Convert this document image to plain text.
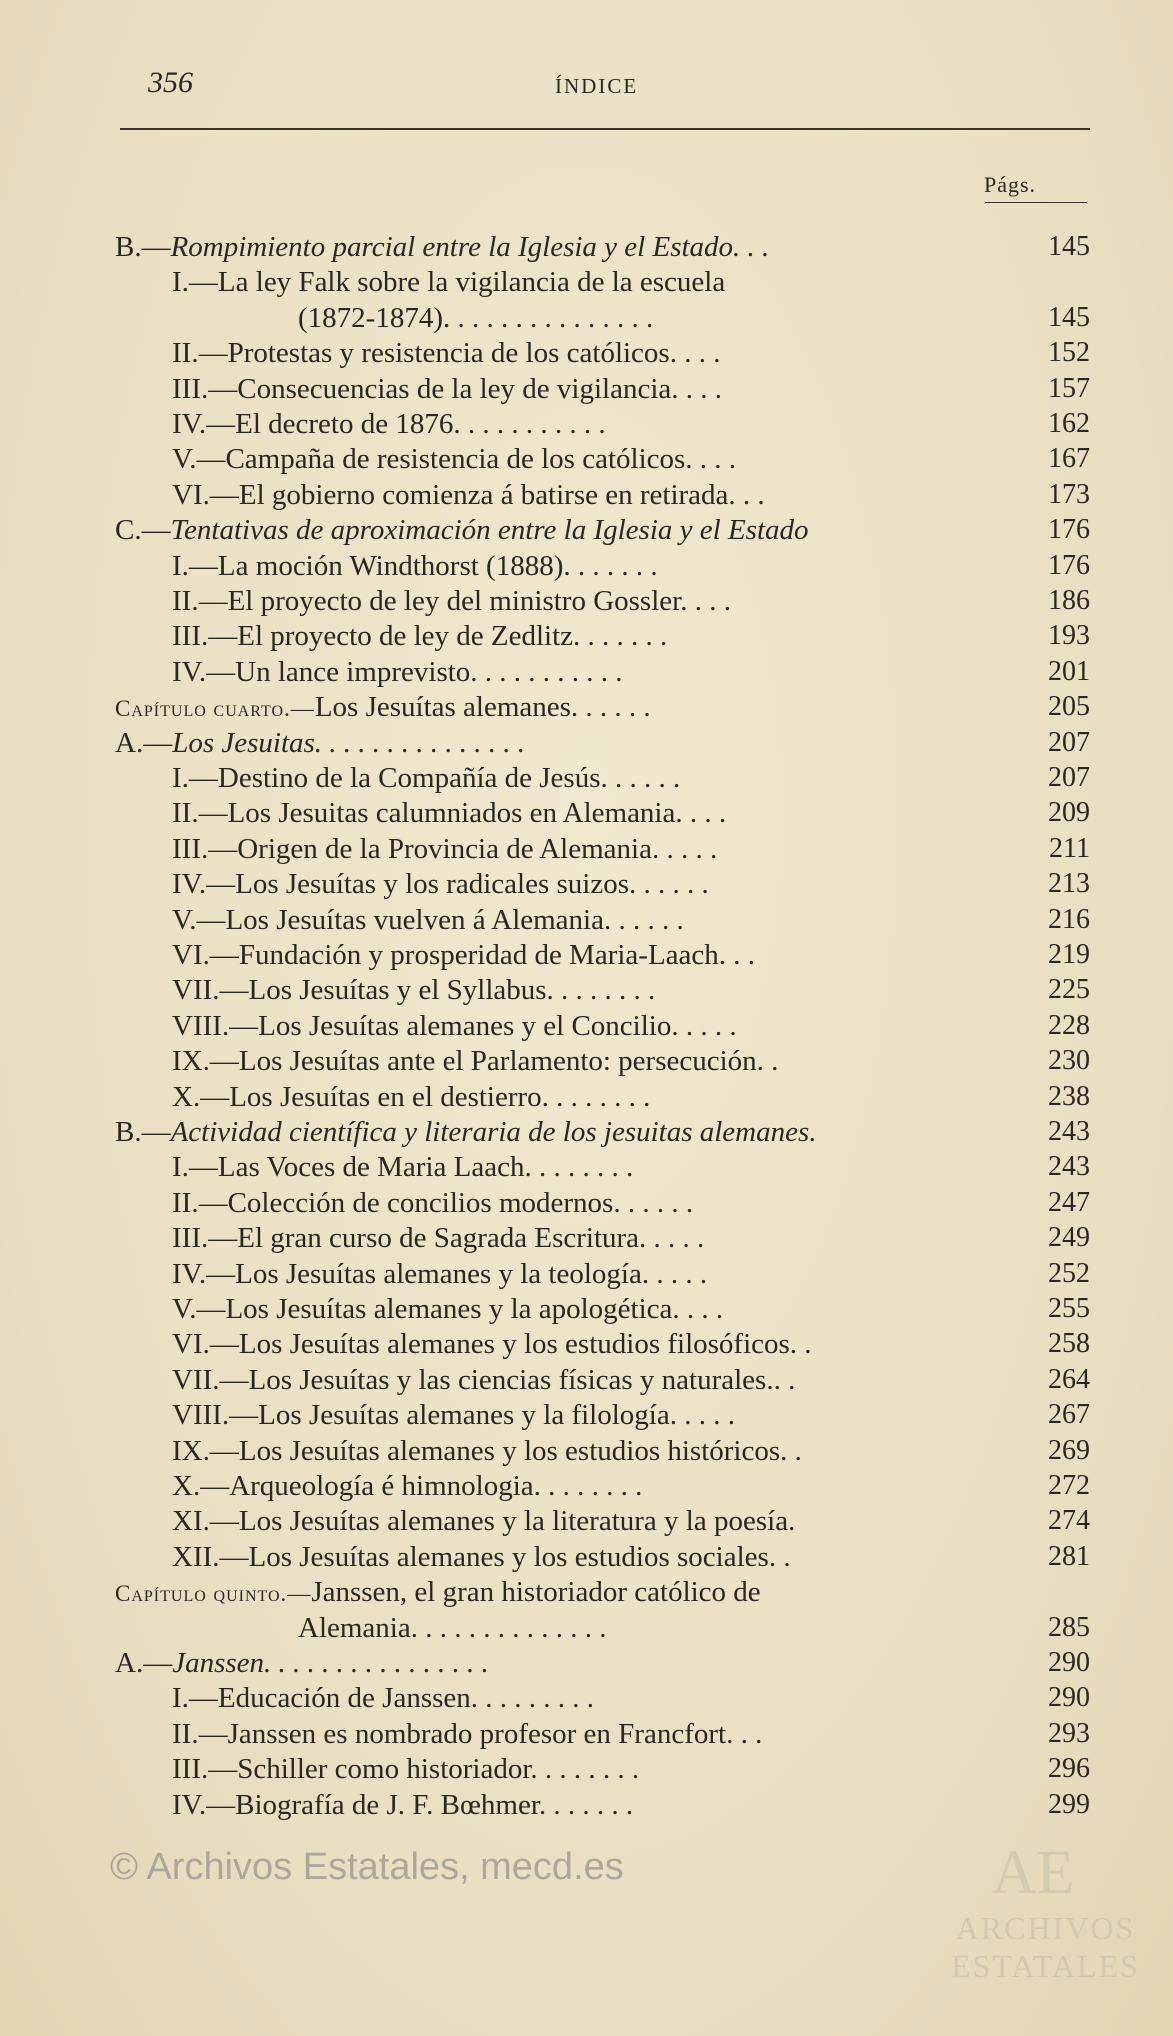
356	ÍNDICE
Págs.
B.—Rompimiento parcial entre la Iglesia y el Estado. . .	145
I.—La ley Falk sobre la vigilancia de la escuela
(1872-1874). . . . . . . . . . . . . . .	145
II.—Protestas y resistencia de los católicos. . . .	152
III.—Consecuencias de la ley de vigilancia. . . .	157
IV.—El decreto de 1876. . . . . . . . . . .	162
V.—Campaña de resistencia de los católicos. . . .	167
VI.—El gobierno comienza á batirse en retirada. . .	173
C.—Tentativas de aproximación entre la Iglesia y el Estado	176
I.—La moción Windthorst (1888). . . . . . .	176
II.—El proyecto de ley del ministro Gossler. . . .	186
III.—El proyecto de ley de Zedlitz. . . . . . .	193
IV.—Un lance imprevisto. . . . . . . . . . .	201
Capítulo cuarto.—Los Jesuítas alemanes. . . . . .	205
A.—Los Jesuitas. . . . . . . . . . . . . . .	207
I.—Destino de la Compañía de Jesús. . . . . .	207
II.—Los Jesuitas calumniados en Alemania. . . .	209
III.—Origen de la Provincia de Alemania. . . . .	211
IV.—Los Jesuítas y los radicales suizos. . . . . .	213
V.—Los Jesuítas vuelven á Alemania. . . . . .	216
VI.—Fundación y prosperidad de Maria-Laach. . .	219
VII.—Los Jesuítas y el Syllabus. . . . . . . .	225
VIII.—Los Jesuítas alemanes y el Concilio. . . . .	228
IX.—Los Jesuítas ante el Parlamento: persecución. .	230
X.—Los Jesuítas en el destierro. . . . . . . .	238
B.—Actividad científica y literaria de los jesuitas alemanes.	243
I.—Las Voces de Maria Laach. . . . . . . .	243
II.—Colección de concilios modernos. . . . . .	247
III.—El gran curso de Sagrada Escritura. . . . .	249
IV.—Los Jesuítas alemanes y la teología. . . . .	252
V.—Los Jesuítas alemanes y la apologética. . . .	255
VI.—Los Jesuítas alemanes y los estudios filosóficos. .	258
VII.—Los Jesuítas y las ciencias físicas y naturales.. .	264
VIII.—Los Jesuítas alemanes y la filología. . . . .	267
IX.—Los Jesuítas alemanes y los estudios históricos. .	269
X.—Arqueología é himnologia. . . . . . . .	272
XI.—Los Jesuítas alemanes y la literatura y la poesía.	274
XII.—Los Jesuítas alemanes y los estudios sociales. .	281
Capítulo quinto.—Janssen, el gran historiador católico de
Alemania. . . . . . . . . . . . . .	285
A.—Janssen. . . . . . . . . . . . . . . .	290
I.—Educación de Janssen. . . . . . . . .	290
II.—Janssen es nombrado profesor en Francfort. . .	293
III.—Schiller como historiador. . . . . . . .	296
IV.—Biografía de J. F. Bœhmer. . . . . . .	299
© Archivos Estatales, mecd.es	AE
ARCHIVOS
ESTATALES
